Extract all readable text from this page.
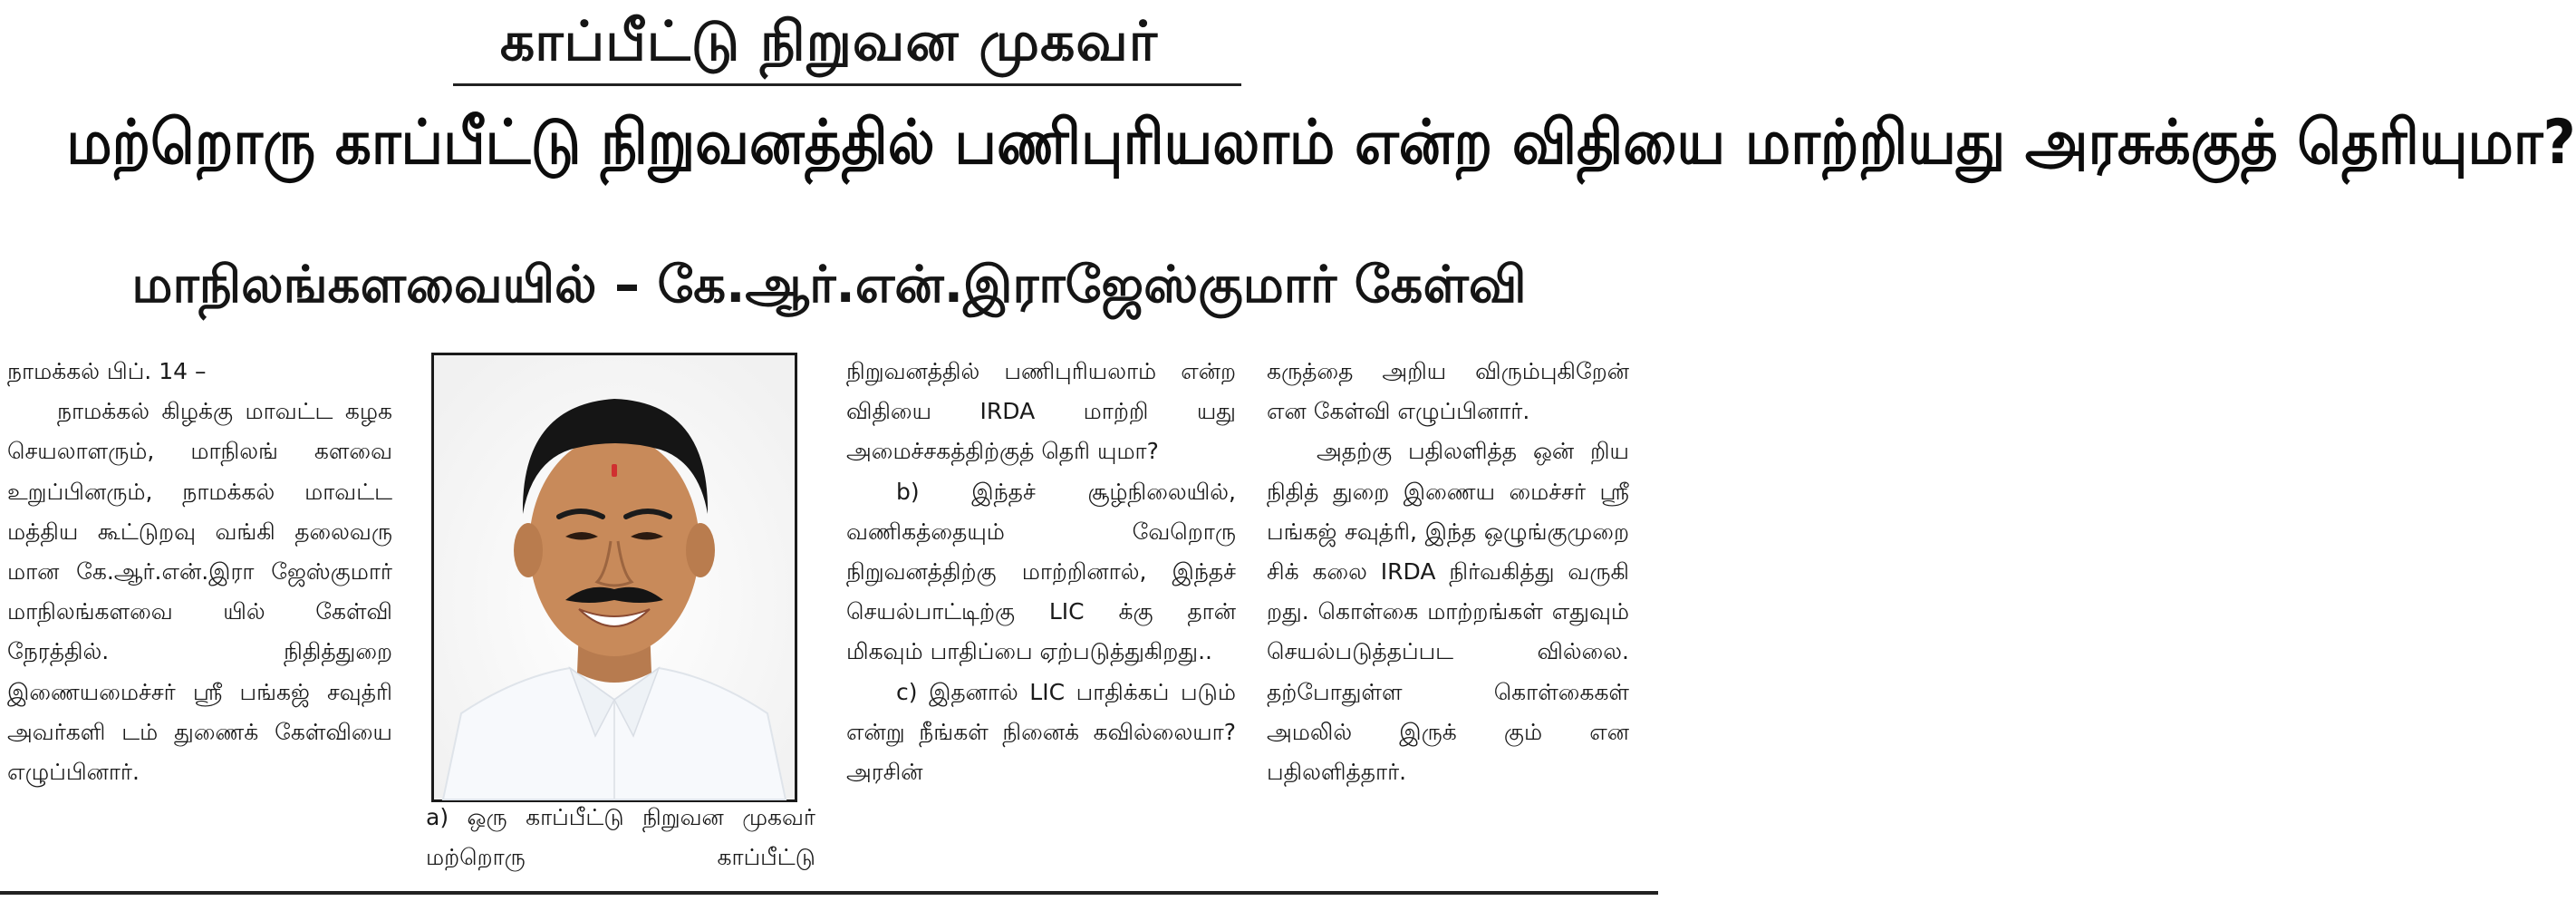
காப்பீட்டு நிறுவன முகவர்
மற்றொரு காப்பீட்டு நிறுவனத்தில் பணிபுரியலாம் என்ற விதியை மாற்றியது அரசுக்குத் தெரியுமா?
மாநிலங்களவையில் – கே.ஆர்.என்.இராஜேஸ்குமார் கேள்வி

நாமக்கல் பிப். 14 –

நாமக்கல் கிழக்கு மாவட்ட கழக செயலாளரும், மாநிலங் களவை உறுப்பினரும், நாமக்கல் மாவட்ட மத்திய கூட்டுறவு வங்கி தலைவரு மான கே.ஆர்.என்.இரா ஜேஸ்குமார் மாநிலங்களவை யில் கேள்வி நேரத்தில். நிதித்துறை இணையமைச்சர் ஸ்ரீ பங்கஜ் சவுத்ரி அவர்களி டம் துணைக் கேள்வியை எழுப்பினார்.

a) ஒரு காப்பீட்டு நிறுவன முகவர் மற்றொரு காப்பீட்டு

நிறுவனத்தில் பணிபுரியலாம் என்ற விதியை IRDA மாற்றி யது அமைச்சகத்திற்குத் தெரி யுமா?

b) இந்தச் சூழ்நிலையில், வணிகத்தையும் வேறொரு நிறுவனத்திற்கு மாற்றினால், இந்தச் செயல்பாட்டிற்கு LIC க்கு தான் மிகவும் பாதிப்பை ஏற்படுத்துகிறது..

c) இதனால் LIC பாதிக்கப் படும் என்று நீங்கள் நினைக் கவில்லையா? அரசின்

கருத்தை அறிய விரும்புகிறேன் என கேள்வி எழுப்பினார்.

அதற்கு பதிலளித்த ஒன் றிய நிதித் துறை இணைய மைச்சர் ஸ்ரீ பங்கஜ் சவுத்ரி, இந்த ஒழுங்குமுறை சிக் கலை IRDA நிர்வகித்து வருகி றது. கொள்கை மாற்றங்கள் எதுவும் செயல்படுத்தப்பட வில்லை. தற்போதுள்ள கொள்கைகள் அமலில் இருக் கும் என பதிலளித்தார்.
